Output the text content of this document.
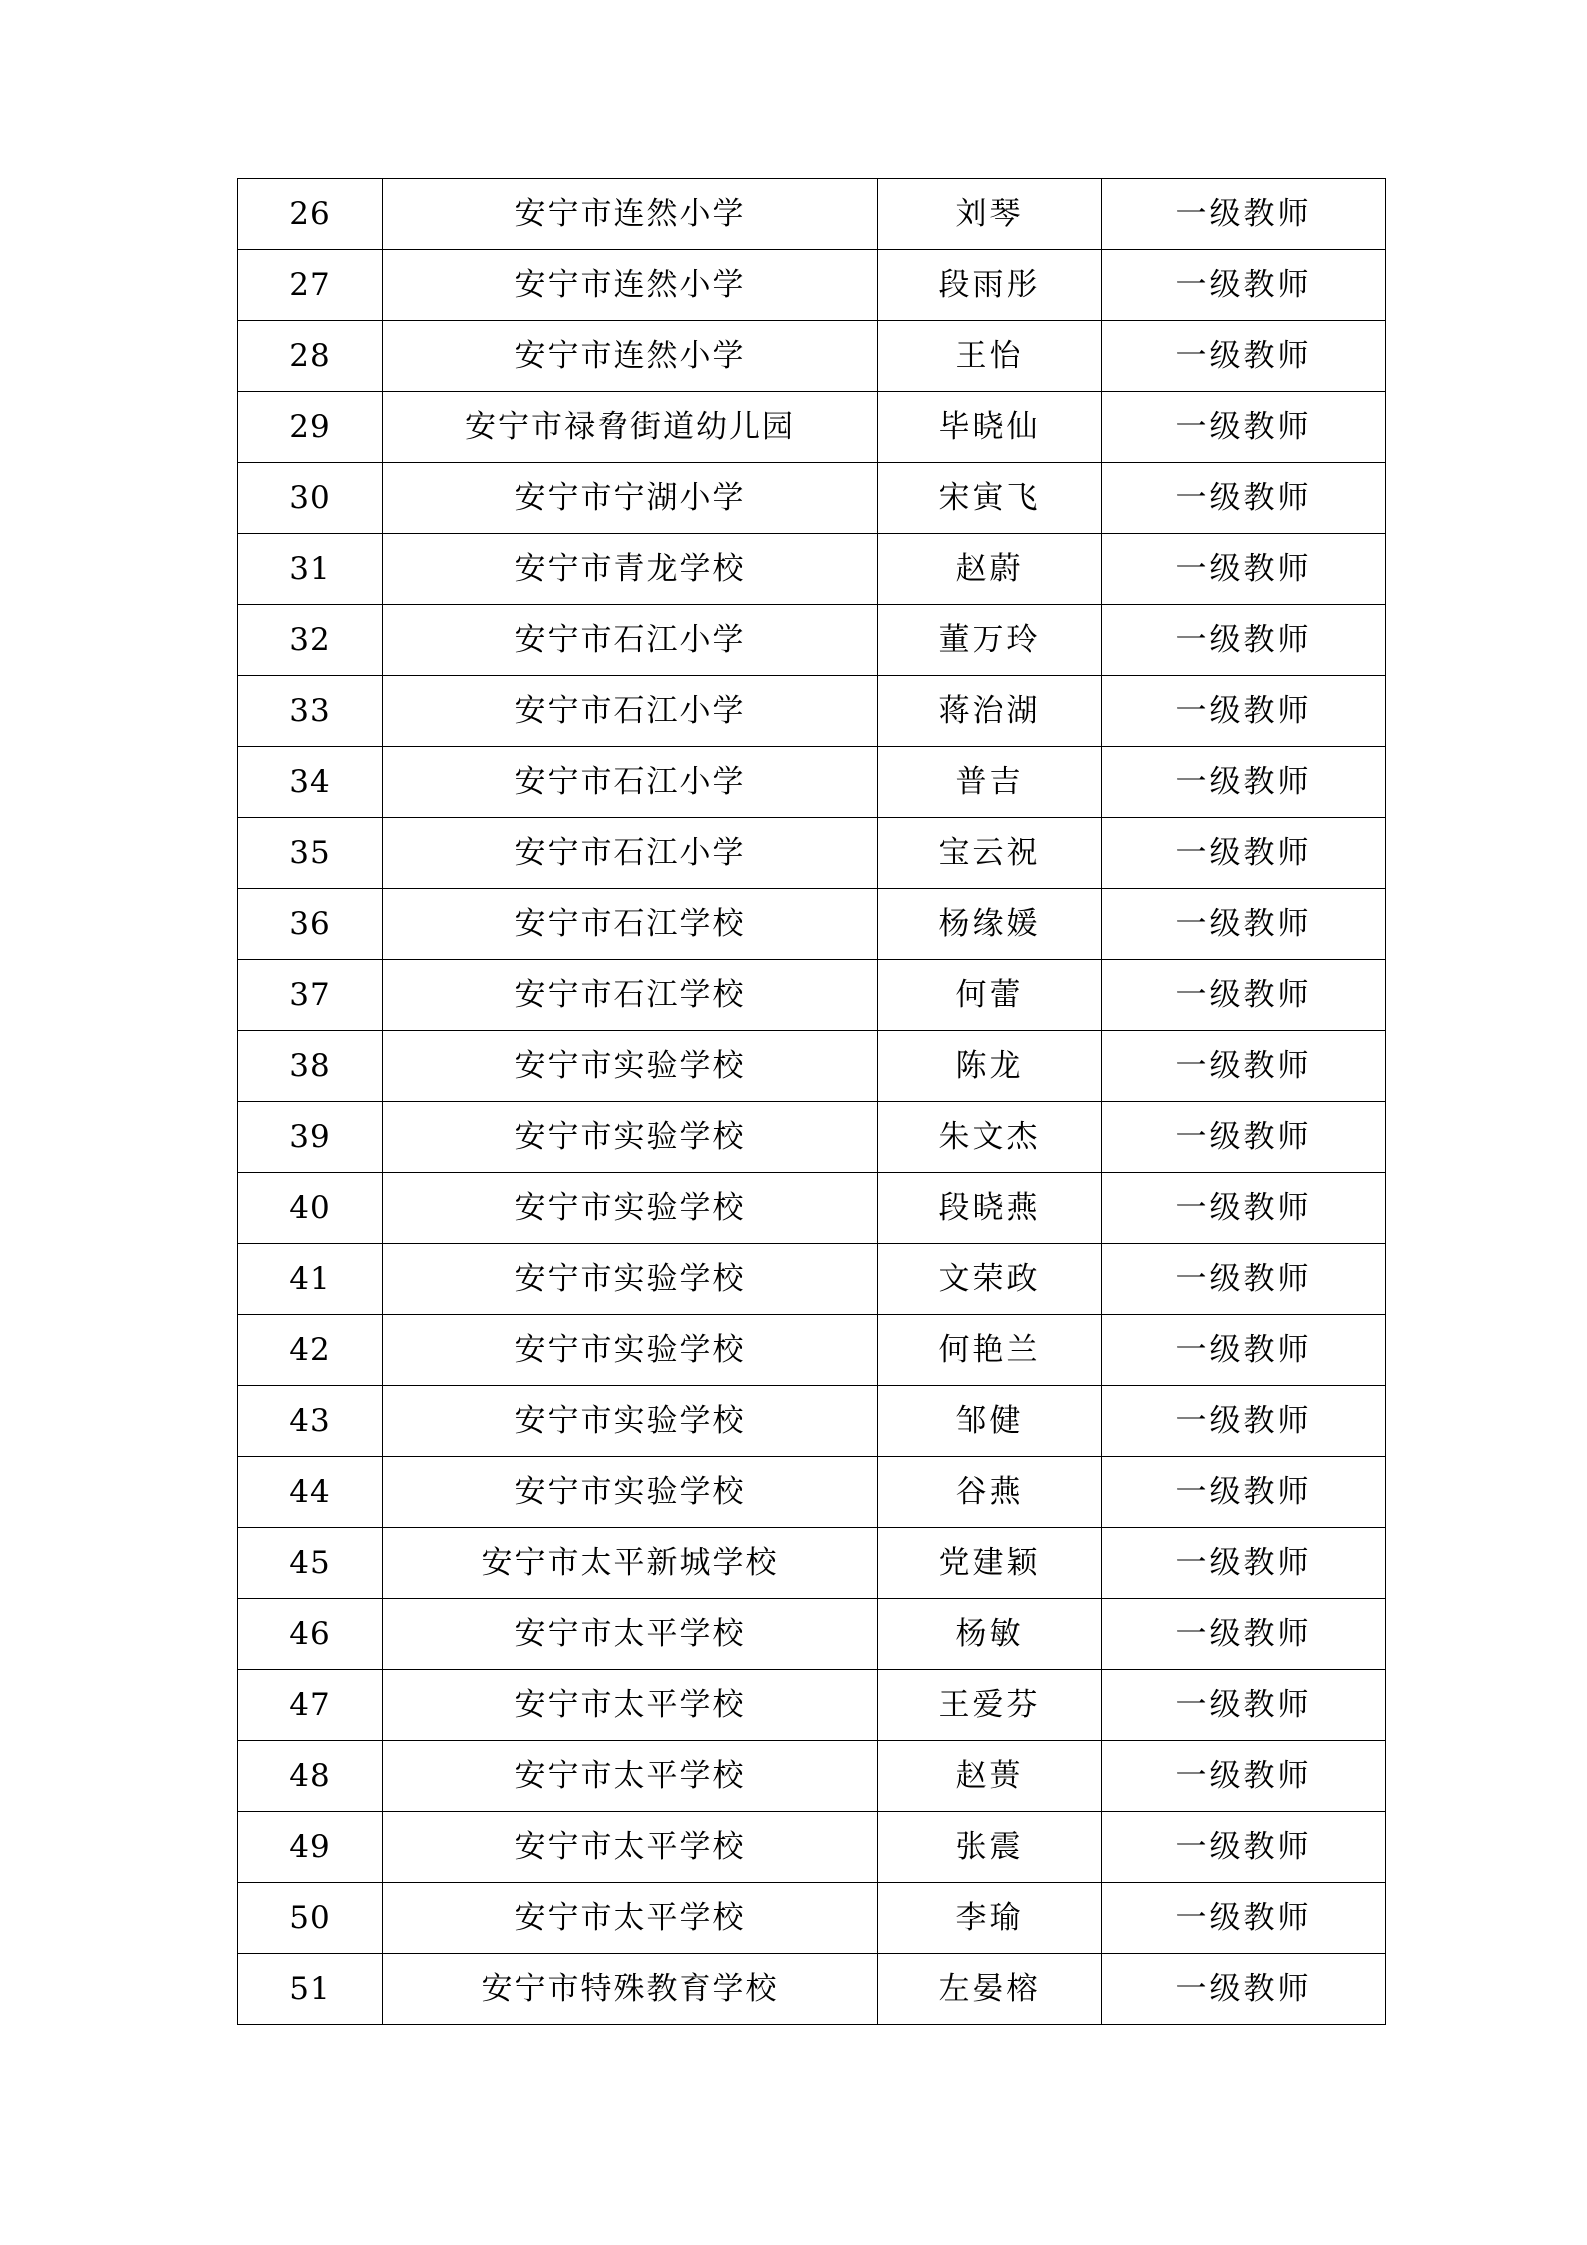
26	安宁市连然小学	刘琴	一级教师
27	安宁市连然小学	段雨彤	一级教师
28	安宁市连然小学	王怡	一级教师
29	安宁市禄脅街道幼儿园	毕晓仙	一级教师
30	安宁市宁湖小学	宋寅飞	一级教师
31	安宁市青龙学校	赵蔚	一级教师
32	安宁市石江小学	董万玲	一级教师
33	安宁市石江小学	蒋治湖	一级教师
34	安宁市石江小学	普吉	一级教师
35	安宁市石江小学	宝云祝	一级教师
36	安宁市石江学校	杨缘媛	一级教师
37	安宁市石江学校	何蕾	一级教师
38	安宁市实验学校	陈龙	一级教师
39	安宁市实验学校	朱文杰	一级教师
40	安宁市实验学校	段晓燕	一级教师
41	安宁市实验学校	文荣政	一级教师
42	安宁市实验学校	何艳兰	一级教师
43	安宁市实验学校	邹健	一级教师
44	安宁市实验学校	谷燕	一级教师
45	安宁市太平新城学校	党建颖	一级教师
46	安宁市太平学校	杨敏	一级教师
47	安宁市太平学校	王爱芬	一级教师
48	安宁市太平学校	赵蒉	一级教师
49	安宁市太平学校	张震	一级教师
50	安宁市太平学校	李瑜	一级教师
51	安宁市特殊教育学校	左晏榕	一级教师
